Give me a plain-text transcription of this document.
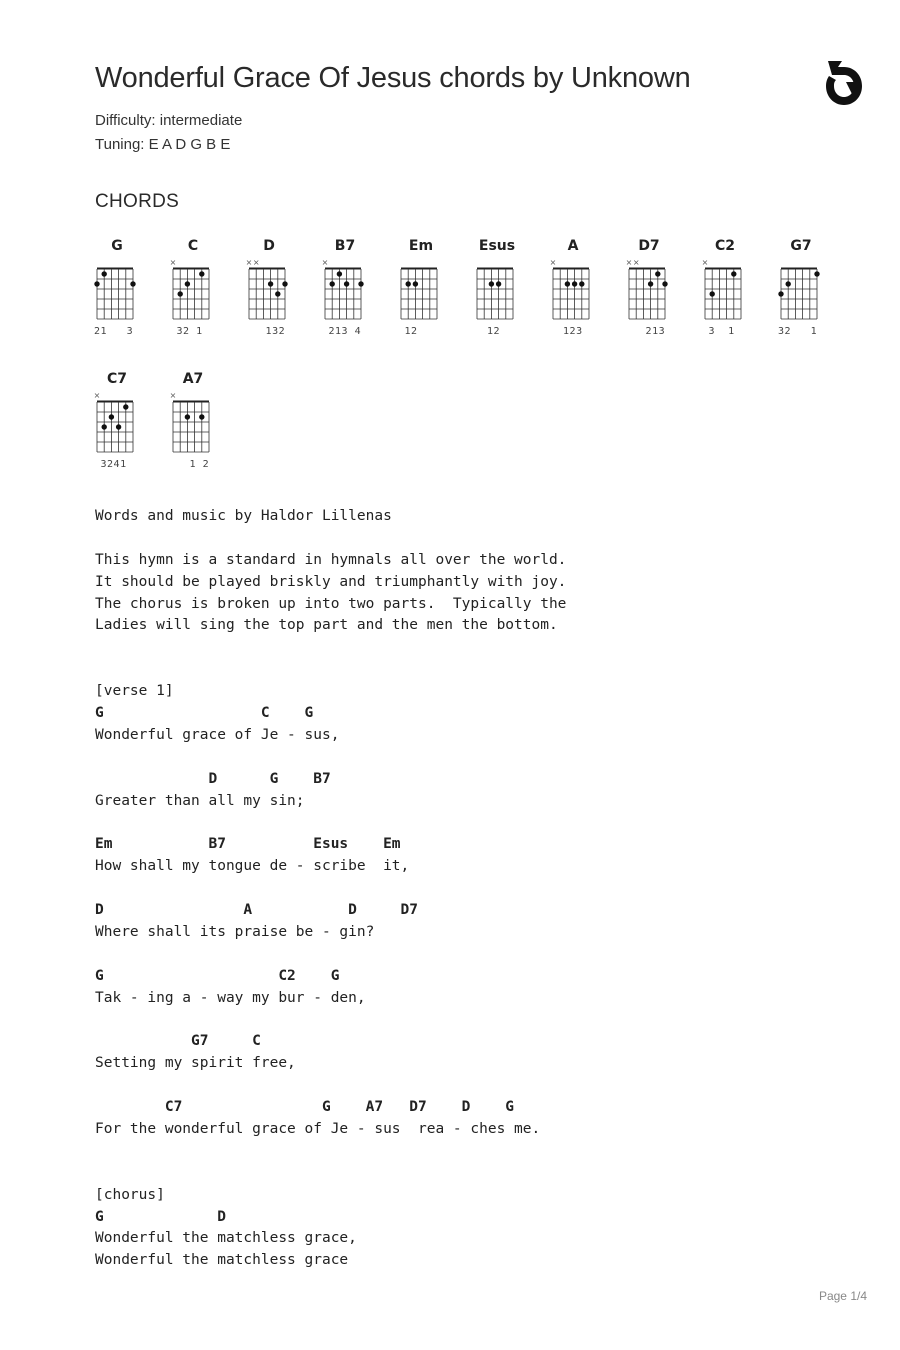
Wonderful Grace Of Jesus chords by Unknown
Difficulty: intermediate
Tuning: E A D G B E
CHORDS
G
21   3
C
×
32 1
D
× ×
132
B7
×
213 4
Em
12
Esus
12
A
×
123
D7
× ×
213
C2
×
3  1
G7
32   1
C7
×
3241
A7
×
1 2
Words and music by Haldor Lillenas
This hymn is a standard in hymnals all over the world.
It should be played briskly and triumphantly with joy.
The chorus is broken up into two parts.  Typically the
Ladies will sing the top part and the men the bottom.
[verse 1]
G                  C    G
Wonderful grace of Je - sus,
D      G    B7
Greater than all my sin;
Em           B7          Esus    Em
How shall my tongue de - scribe  it,
D                A           D     D7
Where shall its praise be - gin?
G                    C2    G
Tak - ing a - way my bur - den,
G7     C
Setting my spirit free,
C7                G    A7   D7    D    G
For the wonderful grace of Je - sus  rea - ches me.
[chorus]
G             D
Wonderful the matchless grace,
Wonderful the matchless grace
Page 1/4
